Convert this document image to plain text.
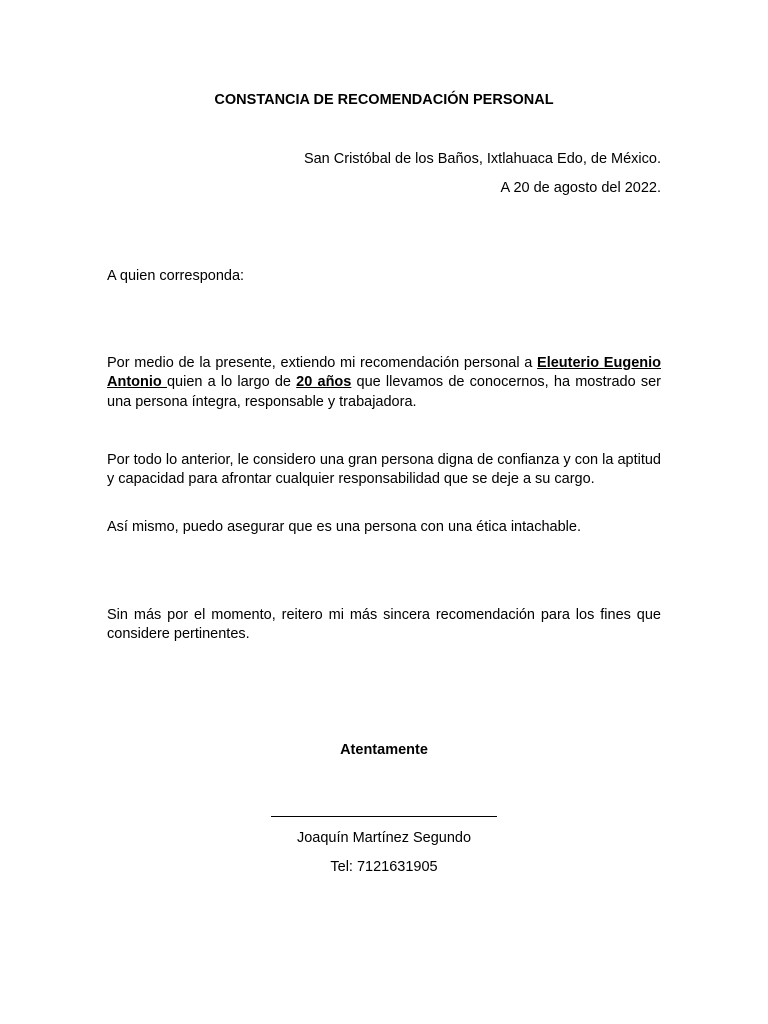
CONSTANCIA DE RECOMENDACIÓN PERSONAL
San Cristóbal de los Baños, Ixtlahuaca Edo, de México.
A 20 de agosto del 2022.
A quien corresponda:
Por medio de la presente, extiendo mi recomendación personal a Eleuterio Eugenio Antonio quien a lo largo de 20 años que llevamos de conocernos, ha mostrado ser una persona íntegra, responsable y trabajadora.
Por todo lo anterior, le considero una gran persona digna de confianza y con la aptitud y capacidad para afrontar cualquier responsabilidad que se deje a su cargo.
Así mismo, puedo asegurar que es una persona con una ética intachable.
Sin más por el momento, reitero mi más sincera recomendación para los fines que considere pertinentes.
Atentamente
Joaquín Martínez Segundo
Tel: 7121631905
